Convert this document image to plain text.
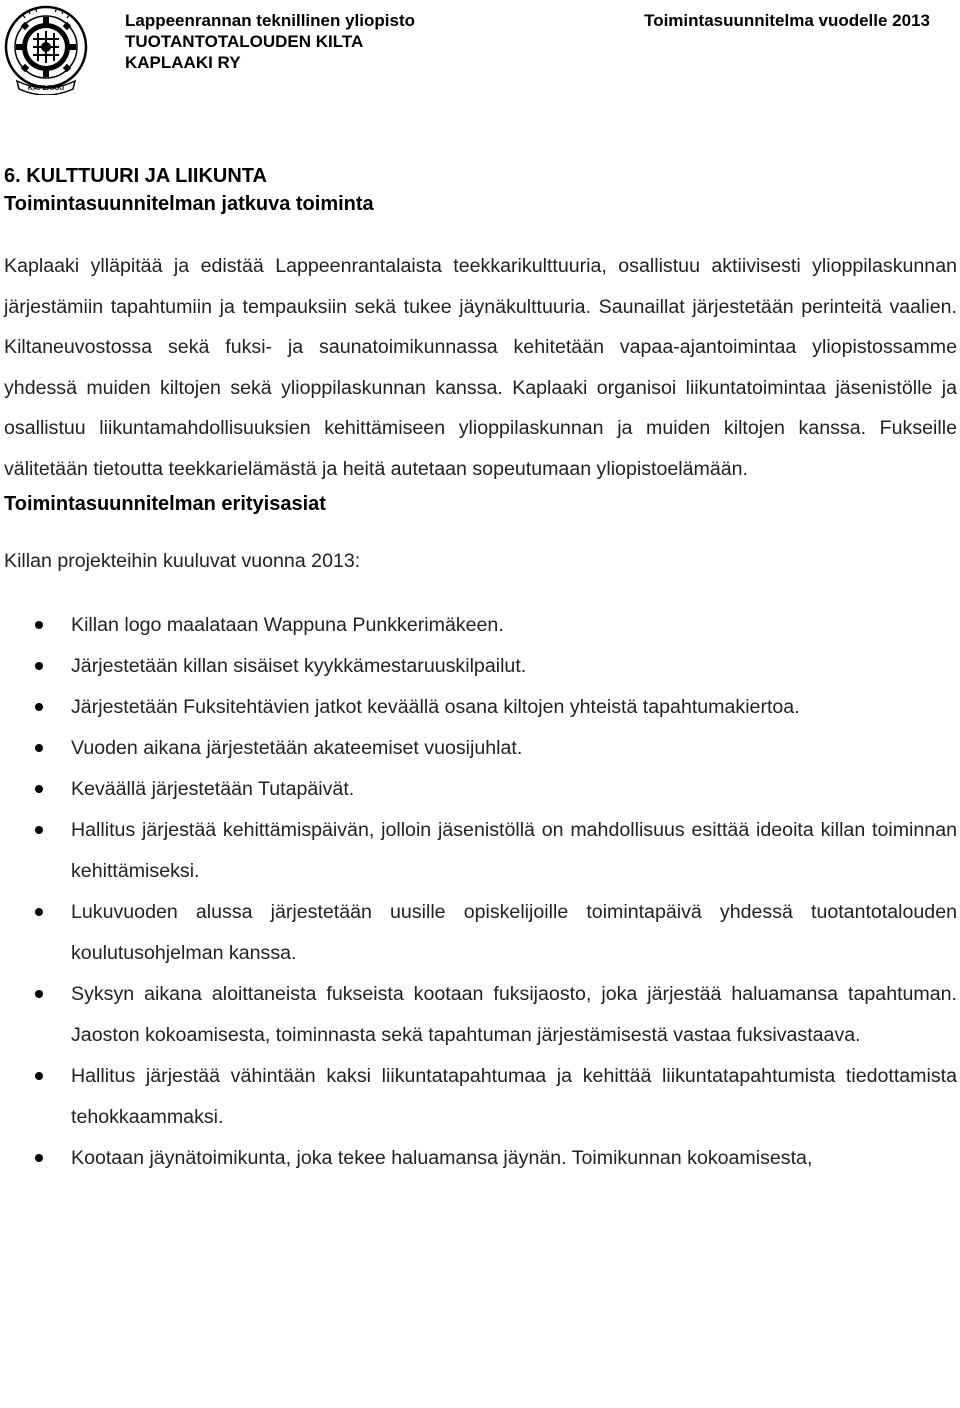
KAPLAAKI
Lappeenrannan teknillinen yliopisto
TUOTANTOTALOUDEN KILTA
KAPLAAKI RY
Toimintasuunnitelma vuodelle 2013
6. KULTTUURI JA LIIKUNTA
Toimintasuunnitelman jatkuva toiminta

Kaplaaki ylläpitää ja edistää Lappeenrantalaista teekkarikulttuuria, osallistuu aktiivisesti ylioppilaskunnan järjestämiin tapahtumiin ja tempauksiin sekä tukee jäynäkulttuuria. Saunaillat järjestetään perinteitä vaalien. Kiltaneuvostossa sekä fuksi- ja saunatoimikunnassa kehitetään vapaa-ajantoimintaa yliopistossamme yhdessä muiden kiltojen sekä ylioppilaskunnan kanssa. Kaplaaki organisoi liikuntatoimintaa jäsenistölle ja osallistuu liikuntamahdollisuuksien kehittämiseen ylioppilaskunnan ja muiden kiltojen kanssa. Fukseille välitetään tietoutta teekkarielämästä ja heitä autetaan sopeutumaan yliopistoelämään.

Toimintasuunnitelman erityisasiat

Killan projekteihin kuuluvat vuonna 2013:

Killan logo maalataan Wappuna Punkkerimäkeen.
Järjestetään killan sisäiset kyykkämestaruuskilpailut.
Järjestetään Fuksitehtävien jatkot keväällä osana kiltojen yhteistä tapahtumakiertoa.
Vuoden aikana järjestetään akateemiset vuosijuhlat.
Keväällä järjestetään Tutapäivät.
Hallitus järjestää kehittämispäivän, jolloin jäsenistöllä on mahdollisuus esittää ideoita killan toiminnan kehittämiseksi.
Lukuvuoden alussa järjestetään uusille opiskelijoille toimintapäivä yhdessä tuotantotalouden koulutusohjelman kanssa.
Syksyn aikana aloittaneista fukseista kootaan fuksijaosto, joka järjestää haluamansa tapahtuman. Jaoston kokoamisesta, toiminnasta sekä tapahtuman järjestämisestä vastaa fuksivastaava.
Hallitus järjestää vähintään kaksi liikuntatapahtumaa ja kehittää liikuntatapahtumista tiedottamista tehokkaammaksi.
Kootaan jäynätoimikunta, joka tekee haluamansa jäynän. Toimikunnan kokoamisesta,
